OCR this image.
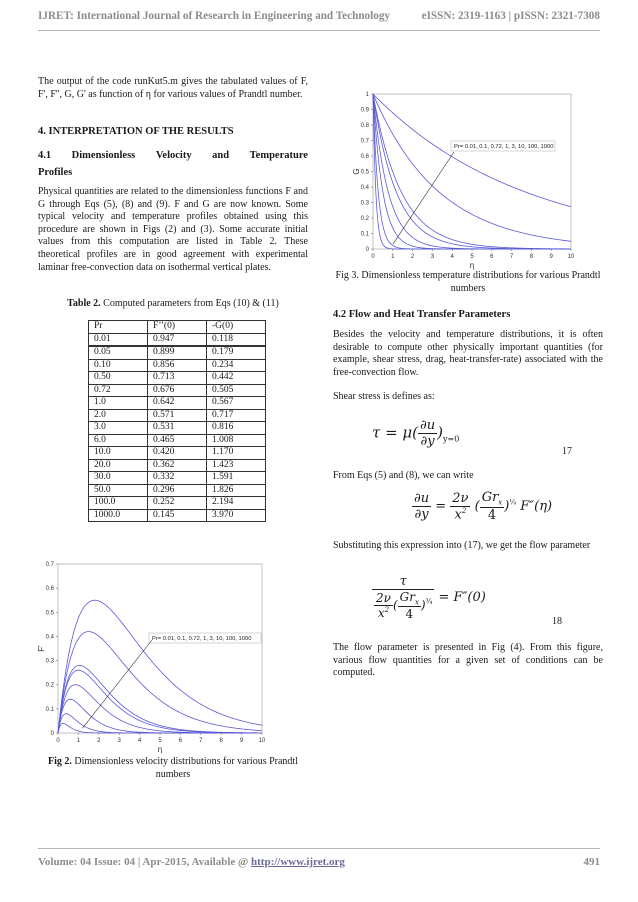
IJRET: International Journal of Research in Engineering and Technology	eISSN: 2319-1163 | pISSN: 2321-7308

The output of the code runKut5.m gives the tabulated values of F, F', F'', G, G' as function of η for various values of Prandtl number.

4. INTERPRETATION OF THE RESULTS
4.1 Dimensionless Velocity and Temperature
Profiles

Physical quantities are related to the dimensionless functions F and G through Eqs (5), (8) and (9). F and G are now known. Some typical velocity and temperature profiles obtained using this procedure are shown in Figs (2) and (3). Some accurate initial values from this computation are listed in Table 2. These theoretical profiles are in good agreement with experimental laminar free-convection data on isothermal vertical plates.

Table 2. Computed parameters from Eqs (10) & (11)
Pr	F’’(0)	-G(0)
0.01	0.947	0.118
0.05	0.899	0.179
0.10	0.856	0.234
0.50	0.713	0.442
0.72	0.676	0.505
1.0	0.642	0.567
2.0	0.571	0.717
3.0	0.531	0.816
6.0	0.465	1.008
10.0	0.420	1.170
20.0	0.362	1.423
30.0	0.332	1.591
50.0	0.296	1.826
100.0	0.252	2.194
1000.0	0.145	3.970
0	1	2	3	4	5	6	7	8	9	10
0
0.1
0.2
0.3
0.4
0.5
0.6
0.7
η
F'
Pr= 0.01, 0.1, 0.72, 1, 3, 10, 100, 1000
Fig 2. Dimensionless velocity distributions for various Prandtl numbers
0	1	2	3	4	5	6	7	8	9 10
0
0.1
0.2
0.3
0.4
0.5
0.6
0.7
0.8
0.9
1
η
G
Pr= 0.01, 0.1, 0.72, 1, 3, 10, 100, 1000
Fig 3. Dimensionless temperature distributions for various Prandtl numbers
4.2 Flow and Heat Transfer Parameters

Besides the velocity and temperature distributions, it is often desirable to compute other physically important quantities (for example, shear stress, drag, heat-transfer-rate) associated with the free-convection flow.

Shear stress is defines as:

$\tau = \mu( \frac{\partial u}{\partial y} )_{y=0}$
17

From Eqs (5) and (8), we can write

$\frac{\partial u}{\partial y} = \frac{2\nu}{x^2}$ ( $\frac{Gr_x}{4} )^{\frac{1}{4}}$ F″(η)

Substituting this expression into (17), we get the flow parameter

$\frac{\tau}{\frac{2\nu}{x^2} ( \frac{Gr_x}{4} )^{\frac{3}{4}}} = F''(0)$
18

The flow parameter is presented in Fig (4). From this figure, various flow quantities for a given set of conditions can be computed.

Volume: 04 Issue: 04 | Apr-2015, Available @ http://www.ijret.org	491
